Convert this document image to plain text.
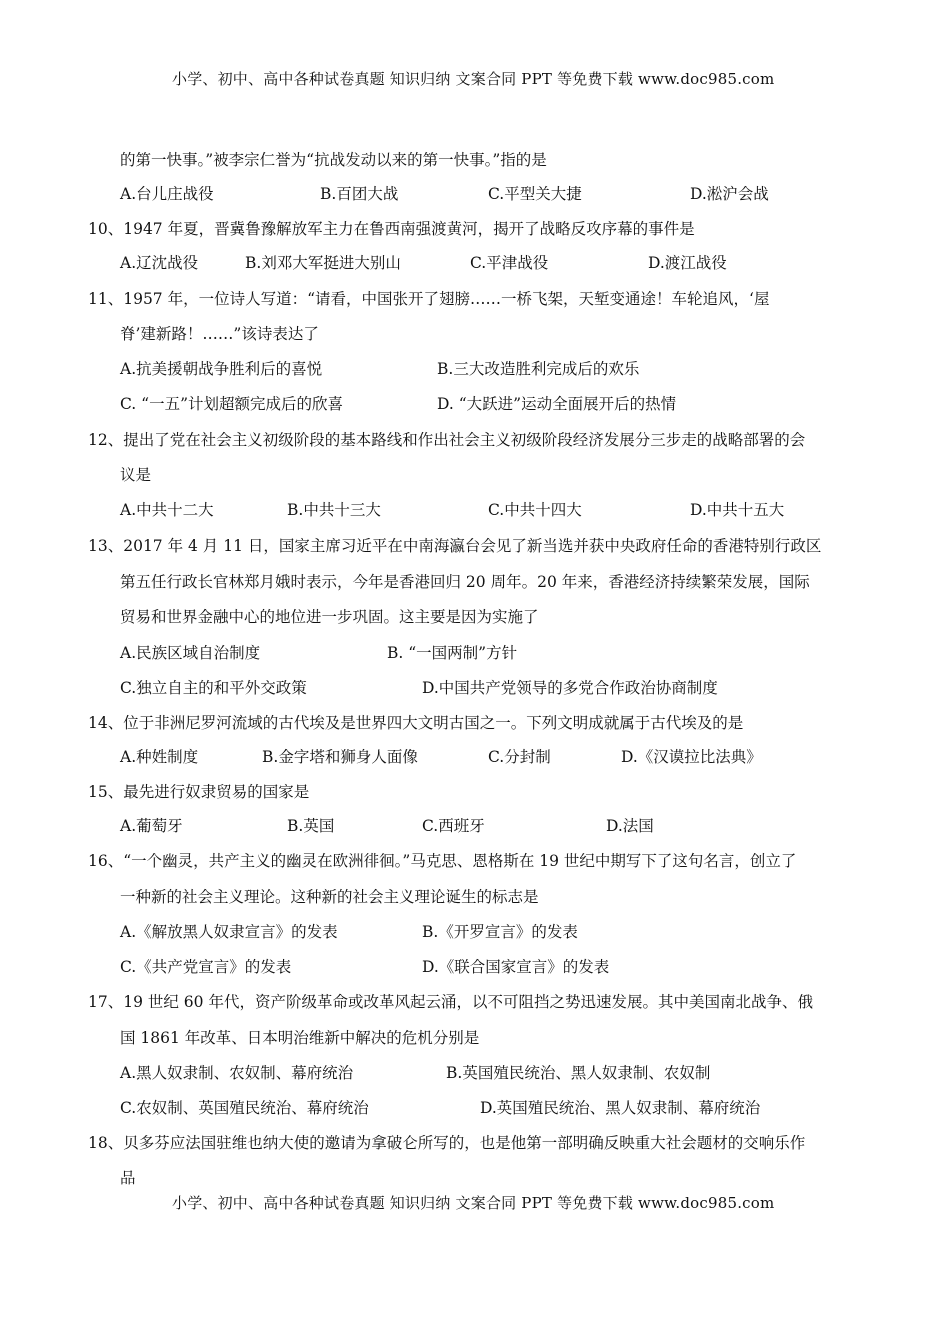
小学、初中、高中各种试卷真题 知识归纳 文案合同 PPT 等免费下载 www.doc985.com
的第一快事。”被李宗仁誉为“抗战发动以来的第一快事。”指的是
A.台儿庄战役	B.百团大战	C.平型关大捷	D.淞沪会战
10、1947 年夏，晋冀鲁豫解放军主力在鲁西南强渡黄河，揭开了战略反攻序幕的事件是
A.辽沈战役	B.刘邓大军挺进大别山	C.平津战役	D.渡江战役
11、1957 年，一位诗人写道：“请看，中国张开了翅膀……一桥飞架，天堑变通途！车轮追风，‘屋
脊’建新路！……”该诗表达了
A.抗美援朝战争胜利后的喜悦	B.三大改造胜利完成后的欢乐
C. “一五”计划超额完成后的欣喜	D. “大跃进”运动全面展开后的热情
12、提出了党在社会主义初级阶段的基本路线和作出社会主义初级阶段经济发展分三步走的战略部署的会
议是
A.中共十二大	B.中共十三大	C.中共十四大	D.中共十五大
13、2017 年 4 月 11 日，国家主席习近平在中南海瀛台会见了新当选并获中央政府任命的香港特别行政区
第五任行政长官林郑月娥时表示，今年是香港回归 20 周年。20 年来，香港经济持续繁荣发展，国际
贸易和世界金融中心的地位进一步巩固。这主要是因为实施了
A.民族区域自治制度	B. “一国两制”方针
C.独立自主的和平外交政策	D.中国共产党领导的多党合作政治协商制度
14、位于非洲尼罗河流域的古代埃及是世界四大文明古国之一。下列文明成就属于古代埃及的是
A.种姓制度	B.金字塔和狮身人面像	C.分封制	D.《汉谟拉比法典》
15、最先进行奴隶贸易的国家是
A.葡萄牙	B.英国	C.西班牙	D.法国
16、“一个幽灵，共产主义的幽灵在欧洲徘徊。”马克思、恩格斯在 19 世纪中期写下了这句名言，创立了
一种新的社会主义理论。这种新的社会主义理论诞生的标志是
A.《解放黑人奴隶宣言》的发表	B.《开罗宣言》的发表
C.《共产党宣言》的发表	D.《联合国家宣言》的发表
17、19 世纪 60 年代，资产阶级革命或改革风起云涌，以不可阻挡之势迅速发展。其中美国南北战争、俄
国 1861 年改革、日本明治维新中解决的危机分别是
A.黑人奴隶制、农奴制、幕府统治	B.英国殖民统治、黑人奴隶制、农奴制
C.农奴制、英国殖民统治、幕府统治	D.英国殖民统治、黑人奴隶制、幕府统治
18、贝多芬应法国驻维也纳大使的邀请为拿破仑所写的，也是他第一部明确反映重大社会题材的交响乐作
品
小学、初中、高中各种试卷真题 知识归纳 文案合同 PPT 等免费下载 www.doc985.com
